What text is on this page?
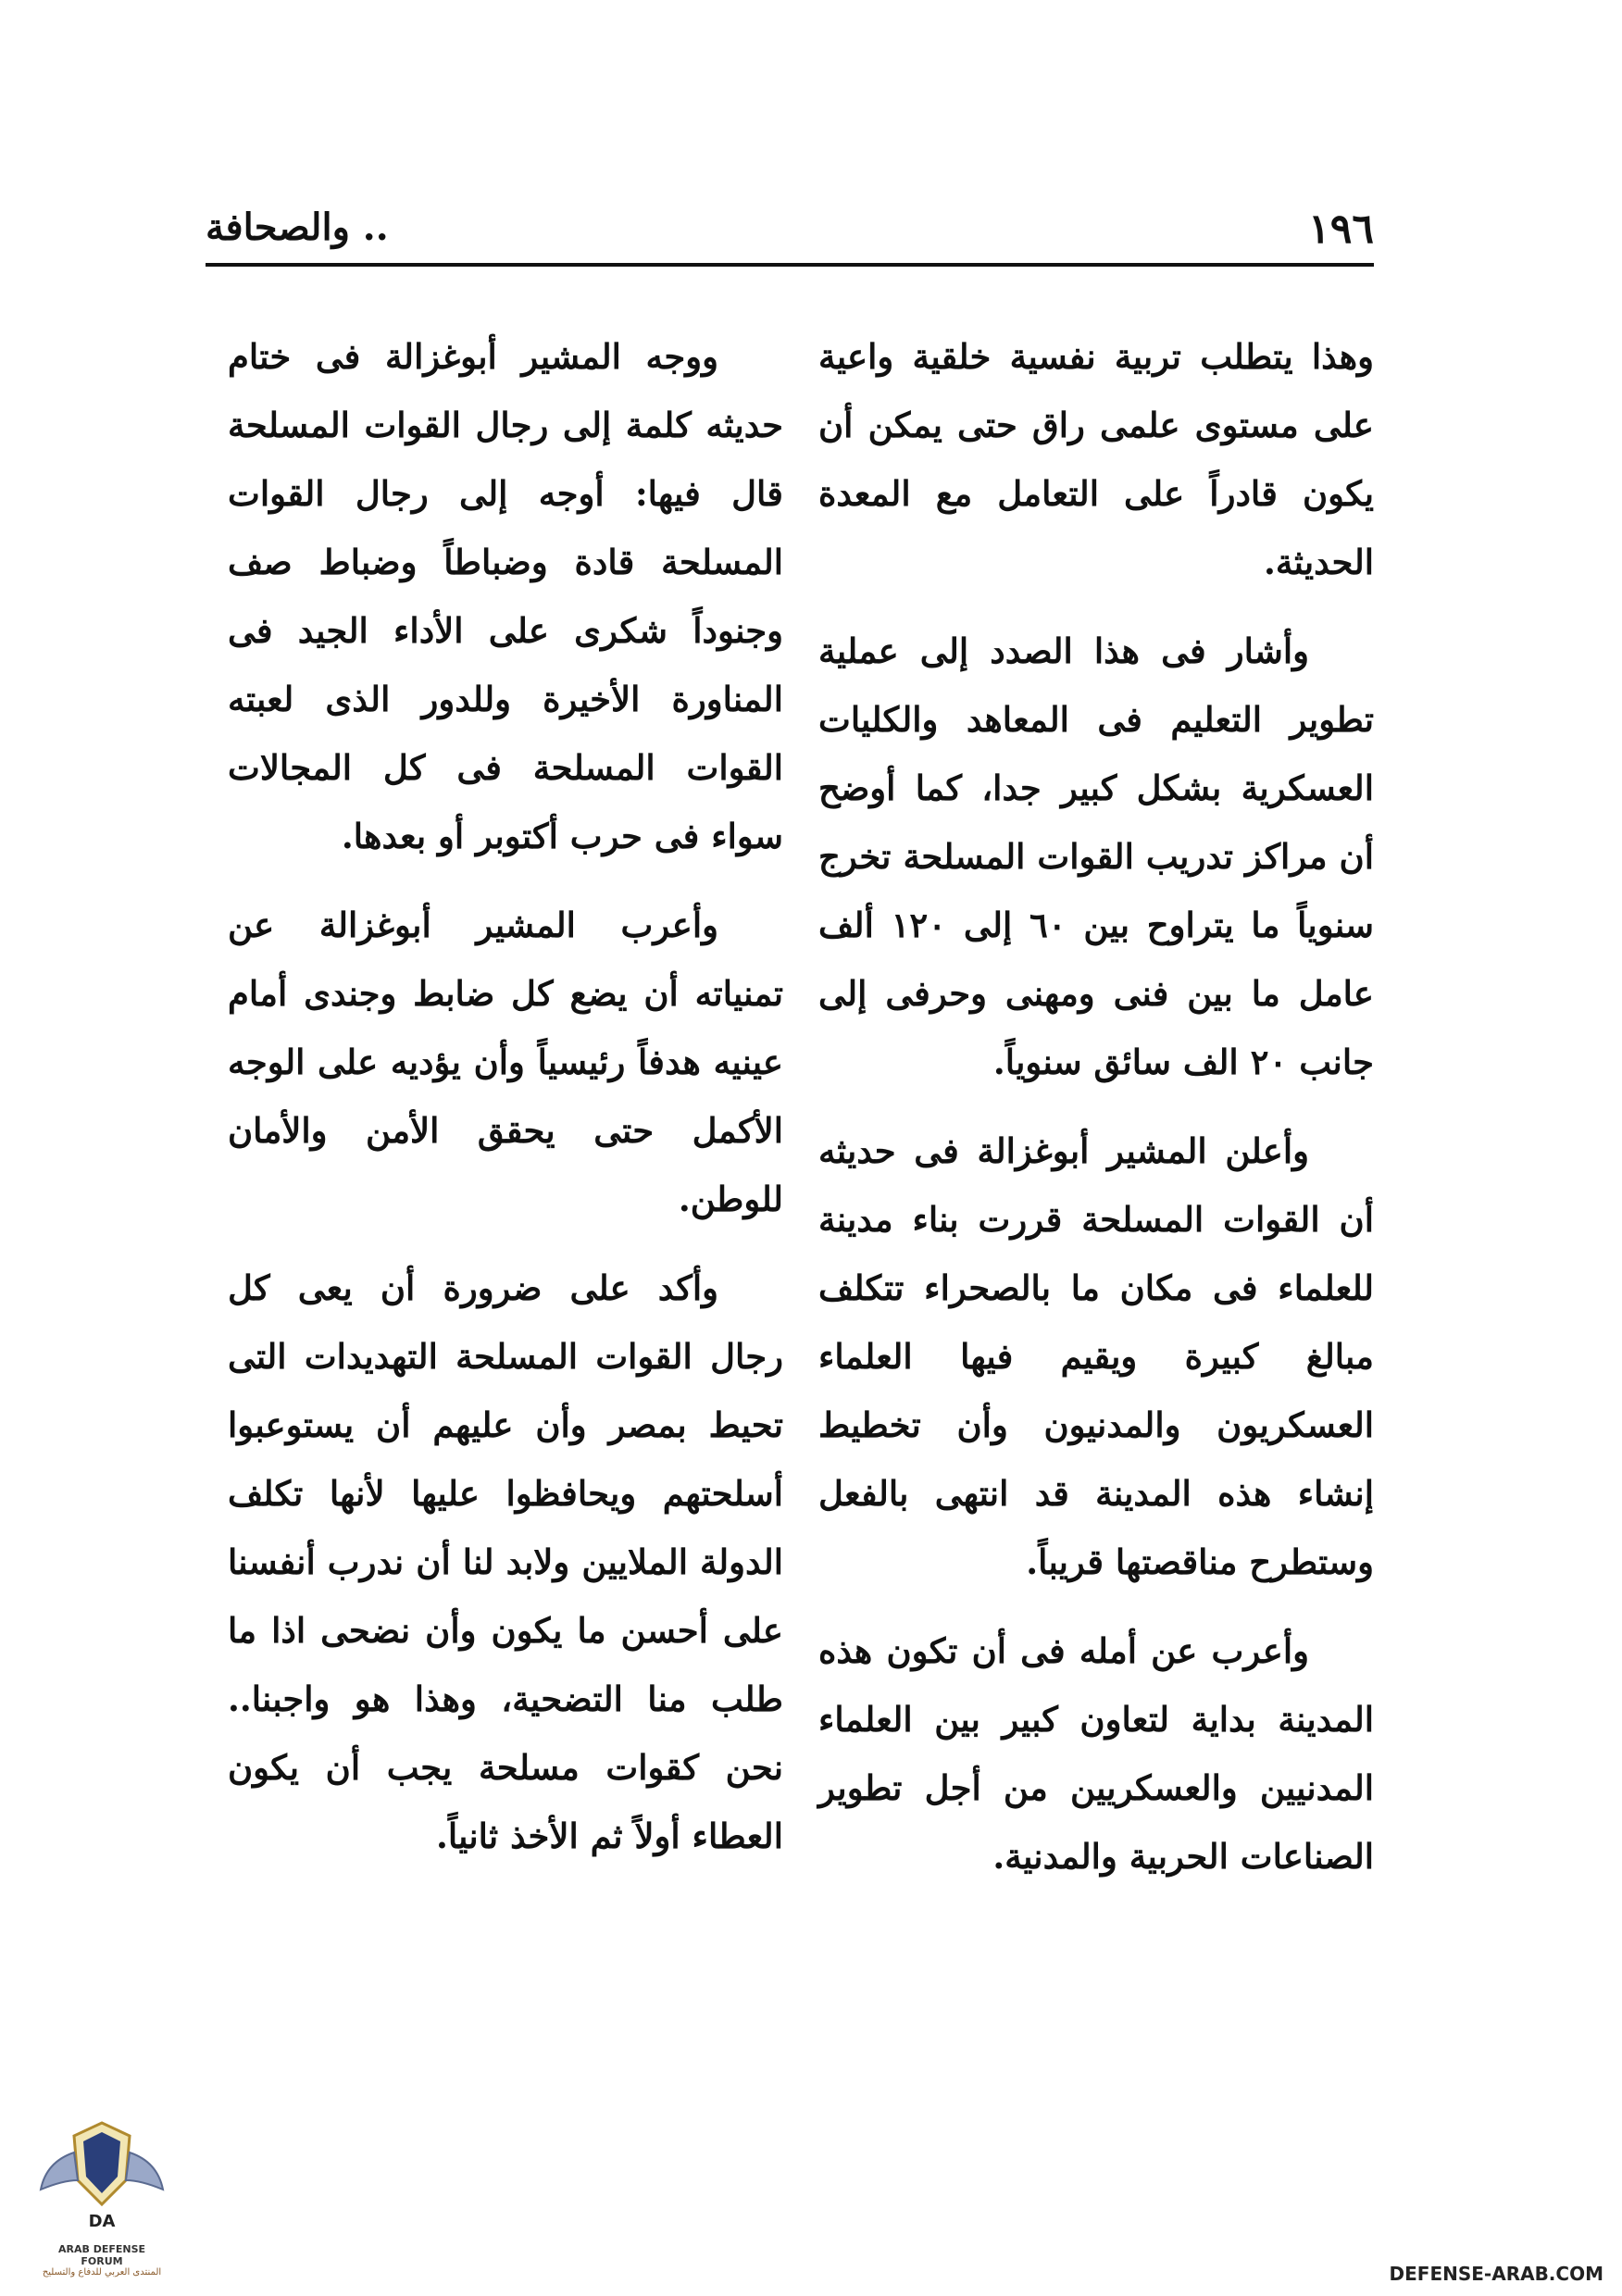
١٩٦
.. والصحافة

وهذا يتطلب تربية نفسية خلقية واعية على مستوى علمى راق حتى يمكن أن يكون قادراً على التعامل مع المعدة الحديثة.

وأشار فى هذا الصدد إلى عملية تطوير التعليم فى المعاهد والكليات العسكرية بشكل كبير جدا، كما أوضح أن مراكز تدريب القوات المسلحة تخرج سنوياً ما يتراوح بين ٦٠ إلى ١٢٠ ألف عامل ما بين فنى ومهنى وحرفى إلى جانب ٢٠ الف سائق سنوياً.

وأعلن المشير أبوغزالة فى حديثه أن القوات المسلحة قررت بناء مدينة للعلماء فى مكان ما بالصحراء تتكلف مبالغ كبيرة ويقيم فيها العلماء العسكريون والمدنيون وأن تخطيط إنشاء هذه المدينة قد انتهى بالفعل وستطرح مناقصتها قريباً.

وأعرب عن أمله فى أن تكون هذه المدينة بداية لتعاون كبير بين العلماء المدنيين والعسكريين من أجل تطوير الصناعات الحربية والمدنية.

ووجه المشير أبوغزالة فى ختام حديثه كلمة إلى رجال القوات المسلحة قال فيها: أوجه إلى رجال القوات المسلحة قادة وضباطاً وضباط صف وجنوداً شكرى على الأداء الجيد فى المناورة الأخيرة وللدور الذى لعبته القوات المسلحة فى كل المجالات سواء فى حرب أكتوبر أو بعدها.

وأعرب المشير أبوغزالة عن تمنياته أن يضع كل ضابط وجندى أمام عينيه هدفاً رئيسياً وأن يؤديه على الوجه الأكمل حتى يحقق الأمن والأمان للوطن.

وأكد على ضرورة أن يعى كل رجال القوات المسلحة التهديدات التى تحيط بمصر وأن عليهم أن يستوعبوا أسلحتهم ويحافظوا عليها لأنها تكلف الدولة الملايين ولابد لنا أن ندرب أنفسنا على أحسن ما يكون وأن نضحى اذا ما طلب منا التضحية، وهذا هو واجبنا.. نحن كقوات مسلحة يجب أن يكون العطاء أولاً ثم الأخذ ثانياً.

DA
ARAB DEFENSE FORUM
المنتدى العربي للدفاع والتسليح	DEFENSE-ARAB.COM
